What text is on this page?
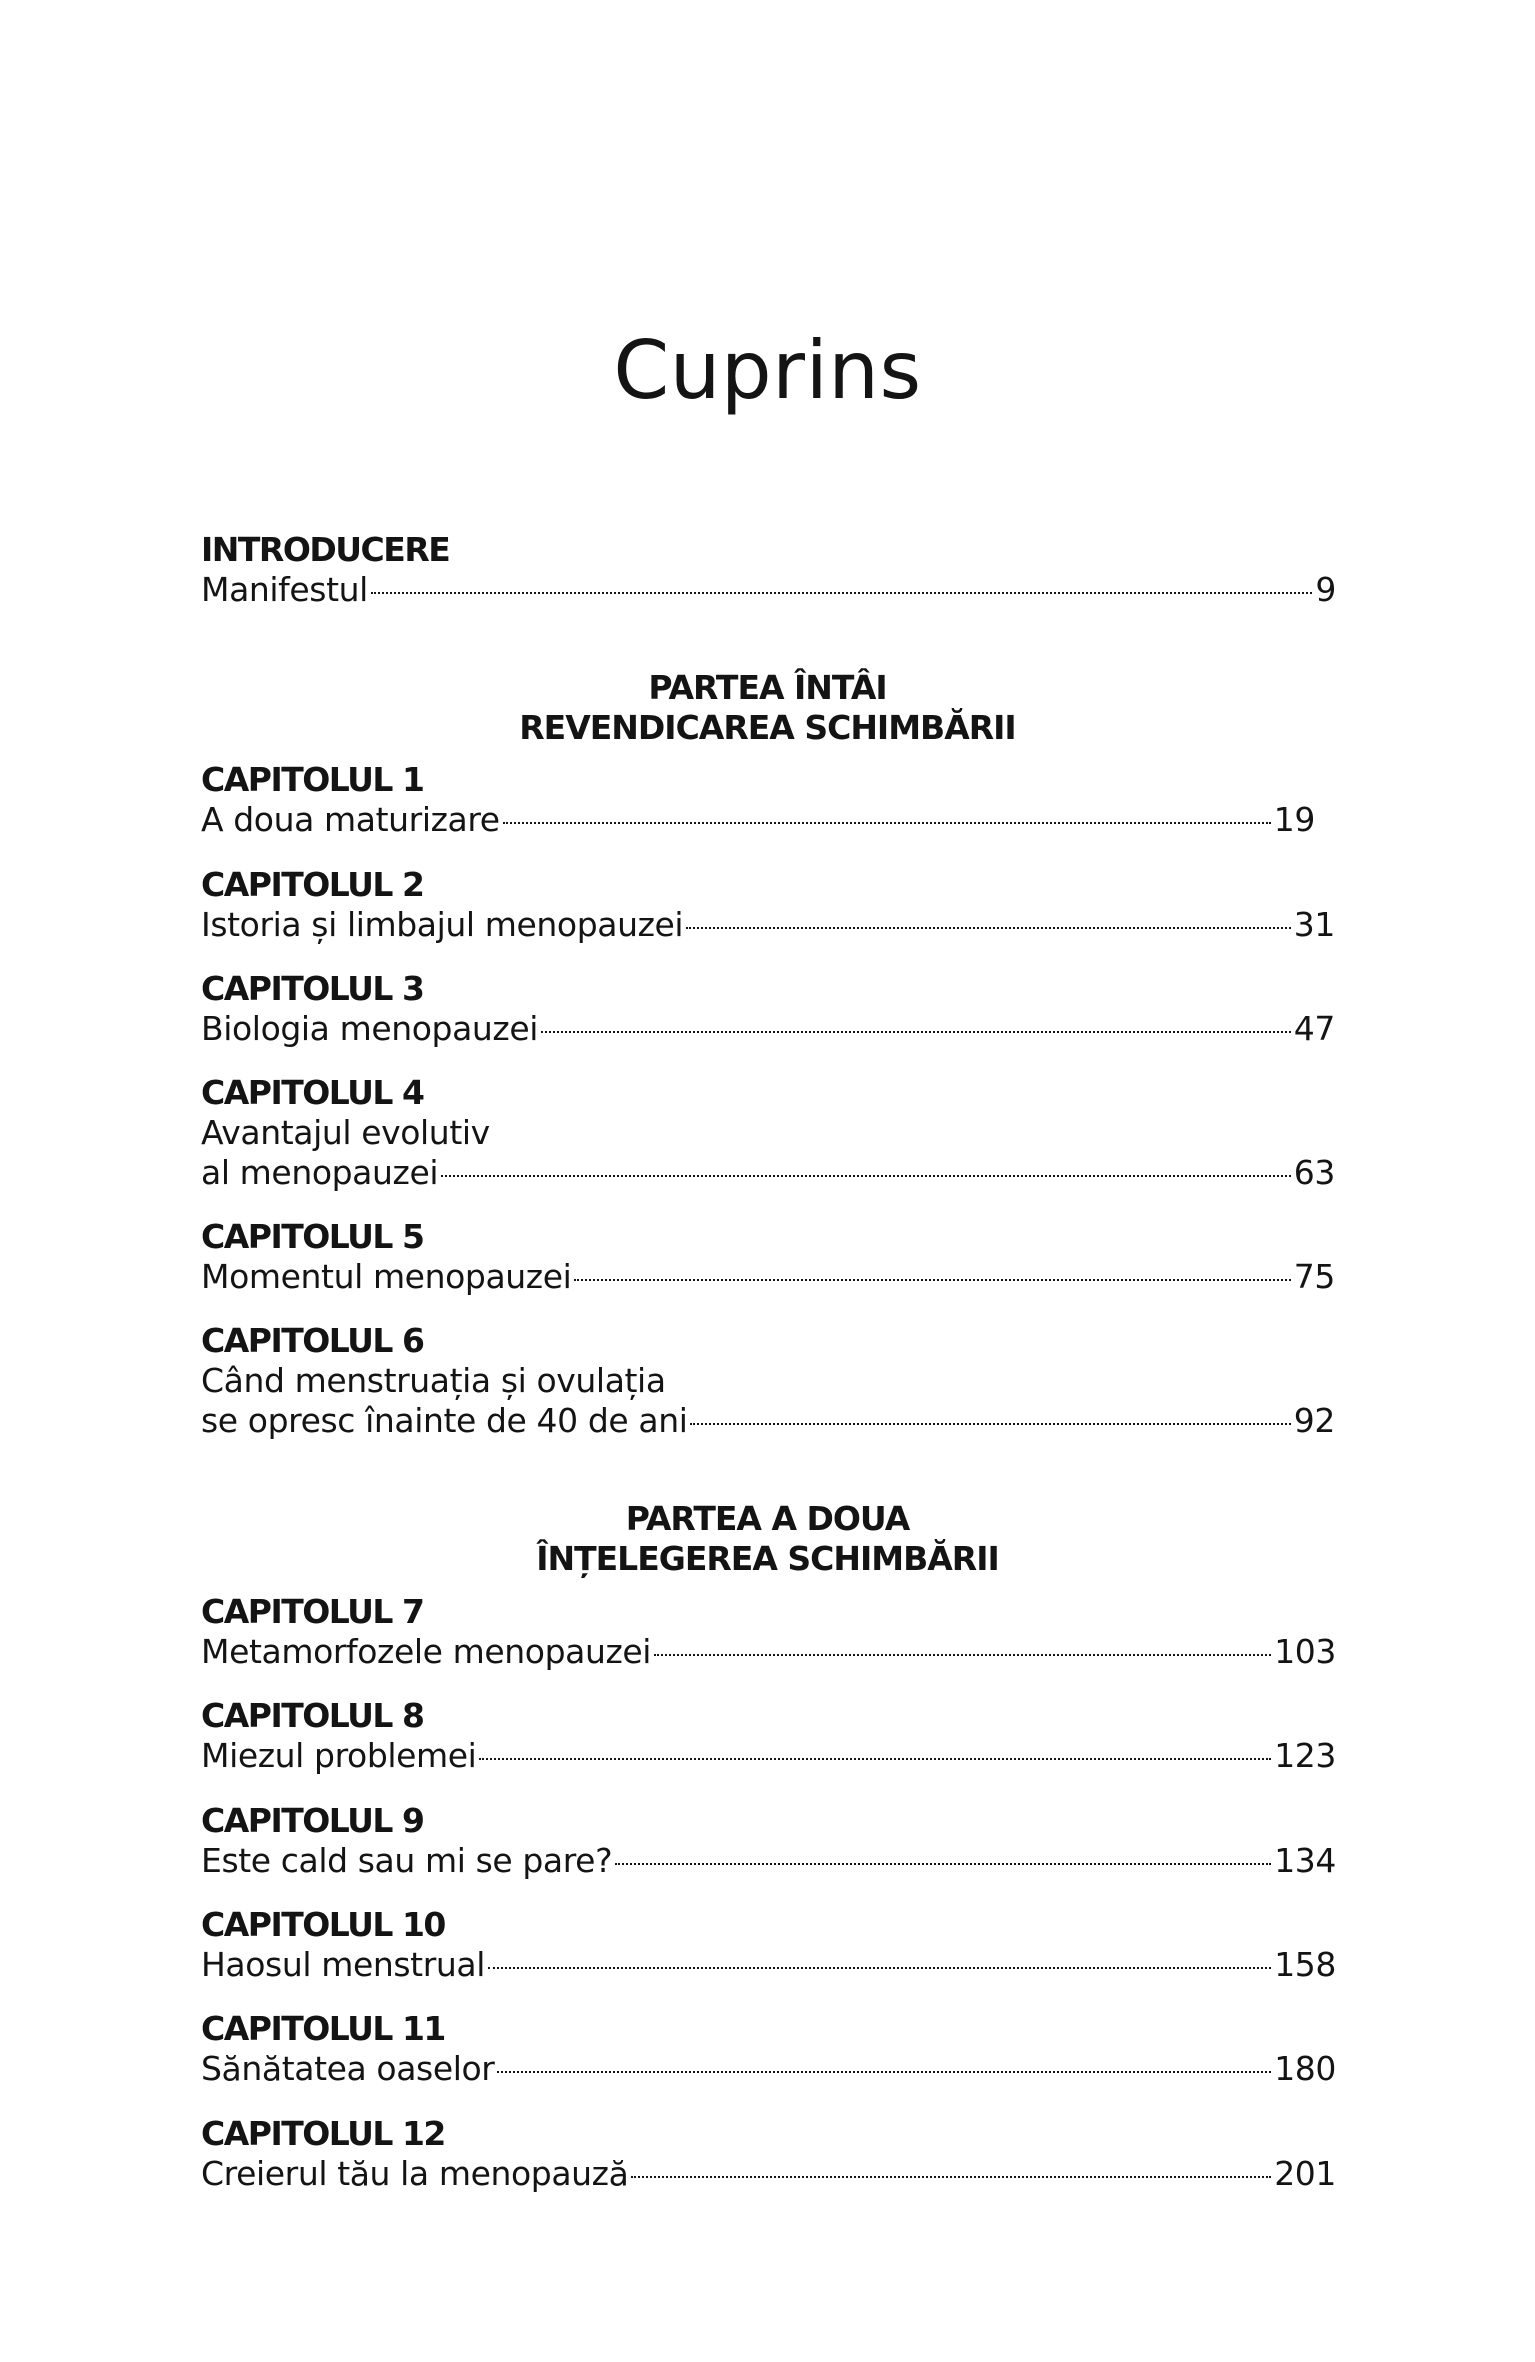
Cuprins
INTRODUCERE
Manifestul	9
PARTEA ÎNTÂI
REVENDICAREA SCHIMBĂRII
CAPITOLUL 1
A doua maturizare	19
CAPITOLUL 2
Istoria și limbajul menopauzei	31
CAPITOLUL 3
Biologia menopauzei	47
CAPITOLUL 4
Avantajul evolutiv
al menopauzei	63
CAPITOLUL 5
Momentul menopauzei	75
CAPITOLUL 6
Când menstruația și ovulația
se opresc înainte de 40 de ani	92
PARTEA A DOUA
ÎNȚELEGEREA SCHIMBĂRII
CAPITOLUL 7
Metamorfozele menopauzei	103
CAPITOLUL 8
Miezul problemei	123
CAPITOLUL 9
Este cald sau mi se pare?	134
CAPITOLUL 10
Haosul menstrual	158
CAPITOLUL 11
Sănătatea oaselor	180
CAPITOLUL 12
Creierul tău la menopauză	201
